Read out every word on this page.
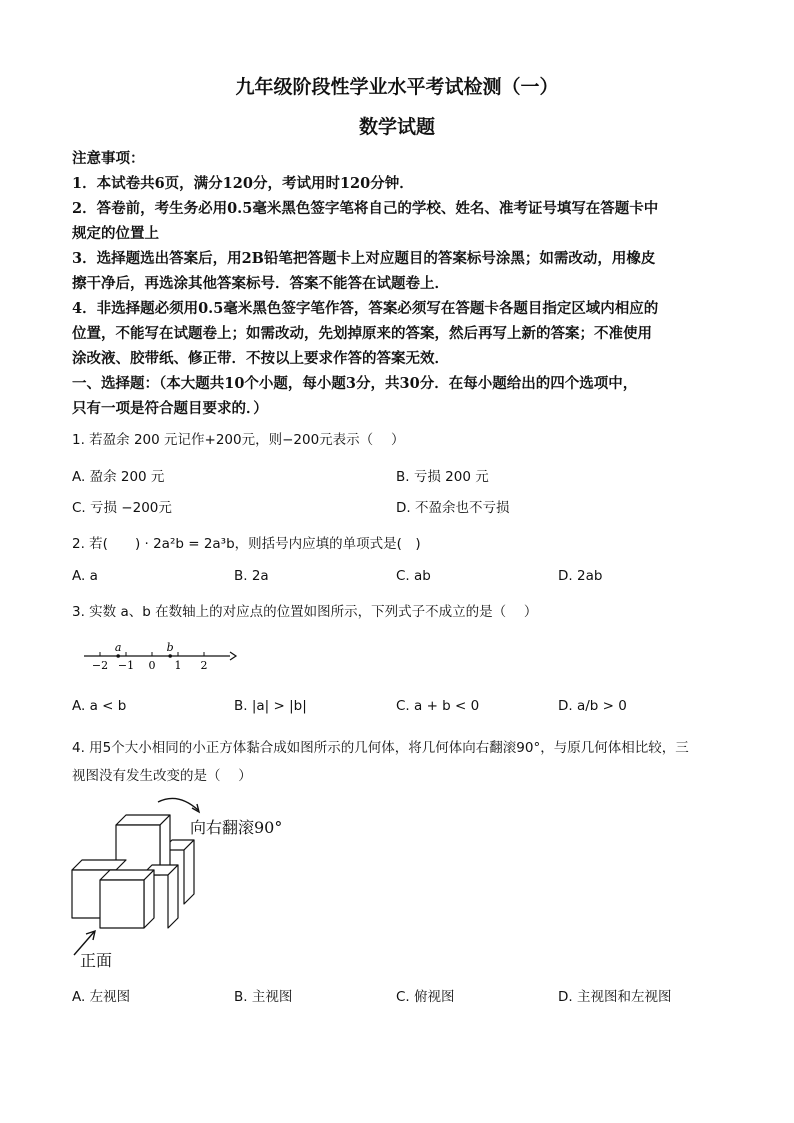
九年级阶段性学业水平考试检测（一）
数学试题

注意事项：

1．本试卷共6页，满分120分，考试用时120分钟．

2．答卷前，考生务必用0.5毫米黑色签字笔将自己的学校、姓名、准考证号填写在答题卡中

规定的位置上

3．选择题选出答案后，用2B铅笔把答题卡上对应题目的答案标号涂黑；如需改动，用橡皮

擦干净后，再选涂其他答案标号．答案不能答在试题卷上．

4．非选择题必须用0.5毫米黑色签字笔作答，答案必须写在答题卡各题目指定区域内相应的

位置，不能写在试题卷上；如需改动，先划掉原来的答案，然后再写上新的答案；不准使用

涂改液、胶带纸、修正带．不按以上要求作答的答案无效．

一、选择题：（本大题共10个小题，每小题3分，共30分．在每小题给出的四个选项中，

只有一项是符合题目要求的．）

1. 若盈余 200 元记作+200元，则−200元表示（　 ）
A. 盈余 200 元	B. 亏损 200 元
C. 亏损 −200元	D. 不盈余也不亏损
2. 若(　　) · 2a²b = 2a³b，则括号内应填的单项式是(　)
A. a	B. 2a	C. ab	D. 2ab
3. 实数 a、b 在数轴上的对应点的位置如图所示，下列式子不成立的是（　 ）
−2 −1 0 1 2
a	b
A. a < b	B. |a| > |b|	C. a + b < 0	D. a/b > 0
4. 用5个大小相同的小正方体黏合成如图所示的几何体，将几何体向右翻滚90°，与原几何体相比较，三
视图没有发生改变的是（　 ）
向右翻滚90°
正面
A. 左视图	B. 主视图	C. 俯视图	D. 主视图和左视图
